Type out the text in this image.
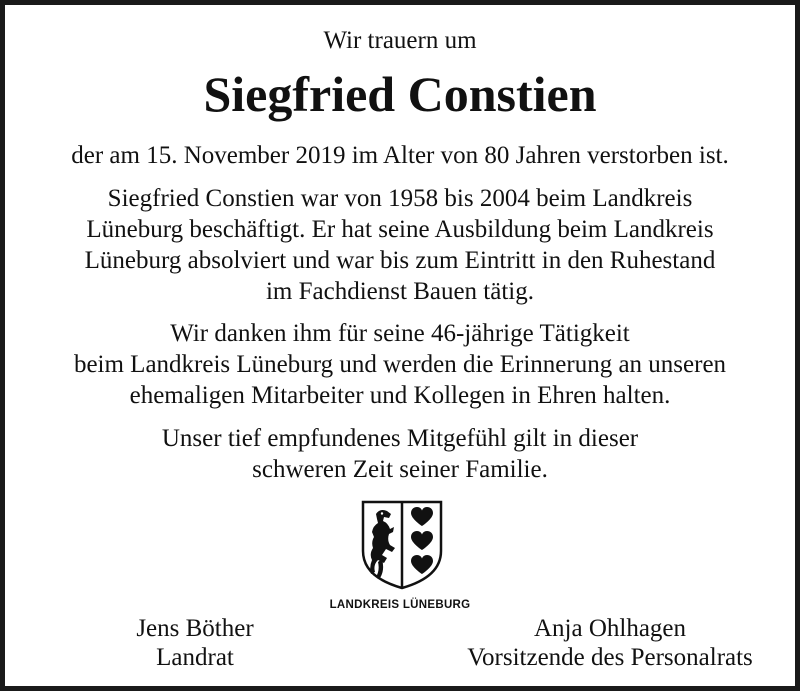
Wir trauern um
Siegfried Constien
der am 15. November 2019 im Alter von 80 Jahren verstorben ist.
Siegfried Constien war von 1958 bis 2004 beim Landkreis
Lüneburg beschäftigt. Er hat seine Ausbildung beim Landkreis
Lüneburg absolviert und war bis zum Eintritt in den Ruhestand
im Fachdienst Bauen tätig.
Wir danken ihm für seine 46-jährige Tätigkeit
beim Landkreis Lüneburg und werden die Erinnerung an unseren
ehemaligen Mitarbeiter und Kollegen in Ehren halten.
Unser tief empfundenes Mitgefühl gilt in dieser
schweren Zeit seiner Familie.
LANDKREIS LÜNEBURG
Jens Böther
Landrat
Anja Ohlhagen
Vorsitzende des Personalrats
